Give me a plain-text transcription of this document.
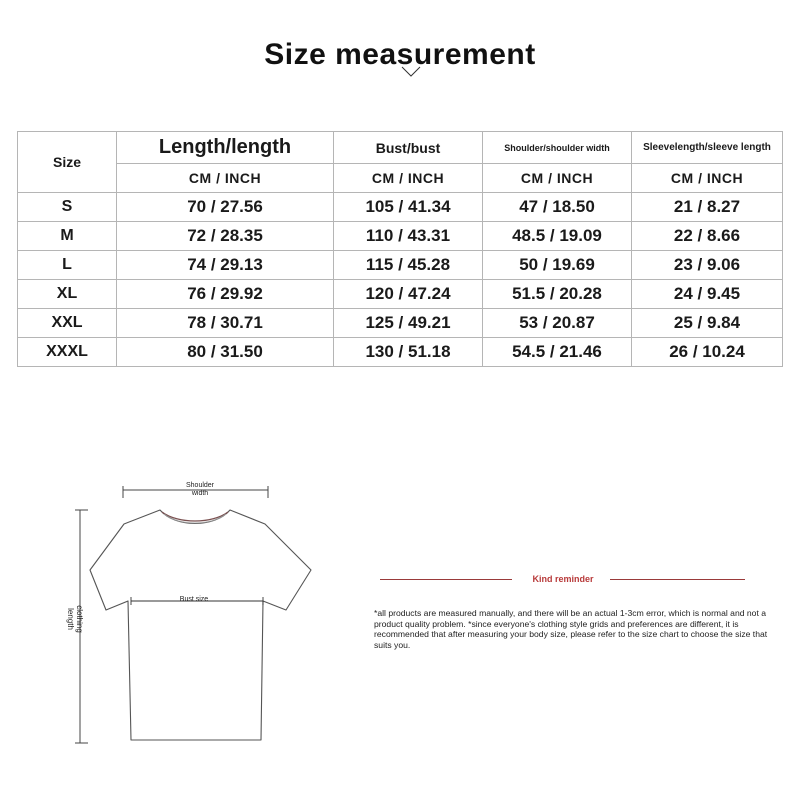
Size measurement
Size	Length/length	Bust/bust	Shoulder/shoulder width	Sleevelength/sleeve length
	CM / INCH	CM / INCH	CM / INCH	CM / INCH
S	70 / 27.56	105 / 41.34	47 / 18.50	21 / 8.27
M	72 / 28.35	110 / 43.31	48.5 / 19.09	22 / 8.66
L	74 / 29.13	115 / 45.28	50 / 19.69	23 / 9.06
XL	76 / 29.92	120 / 47.24	51.5 / 20.28	24 / 9.45
XXL	78 / 30.71	125 / 49.21	53 / 20.87	25 / 9.84
XXXL	80 / 31.50	130 / 51.18	54.5 / 21.46	26 / 10.24
Shoulder width
Bust size
clothing length
Kind reminder
*all products are measured manually, and there will be an actual 1-3cm error, which is normal and not a product quality problem. *since everyone's clothing style grids and preferences are different, it is recommended that after measuring your body size, please refer to the size chart to choose the size that suits you.
